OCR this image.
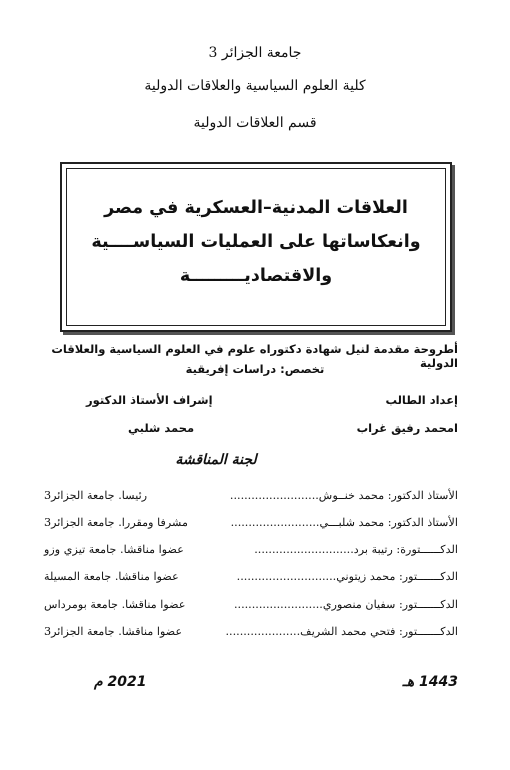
جامعة الجزائر 3
كلية العلوم السياسية والعلاقات الدولية
قسم العلاقات الدولية
العلاقات المدنية–العسكرية في مصر
وانعكاساتها على العمليات السياســــية
والاقتصاديـــــــــة
أطروحة مقدمة لنيل شهادة دكتوراه علوم في العلوم السياسية والعلاقات الدولية
تخصص: دراسات إفريقية
إعداد الطالب
امحمد رفيق غراب
إشراف الأستاذ الدكتور
محمد شلبي
لجنة المناقشة
الأستاذ الدكتور: محمد خنــوش.........................
رئيسا. جامعة الجزائر3
الأستاذ الدكتور: محمد شلبـــي.........................
مشرفا ومقررا. جامعة الجزائر3
الدكــــــتورة: رتيبة برد............................
عضوا مناقشا. جامعة تيزي وزو
الدكـــــــتور: محمد زيتوني............................
عضوا مناقشا. جامعة المسيلة
الدكـــــــتور: سفيان منصوري.........................
عضوا مناقشا. جامعة بومرداس
الدكـــــــتور: فتحي محمد الشريف.....................
عضوا مناقشا. جامعة الجزائر3
1443 هـ
2021 م
